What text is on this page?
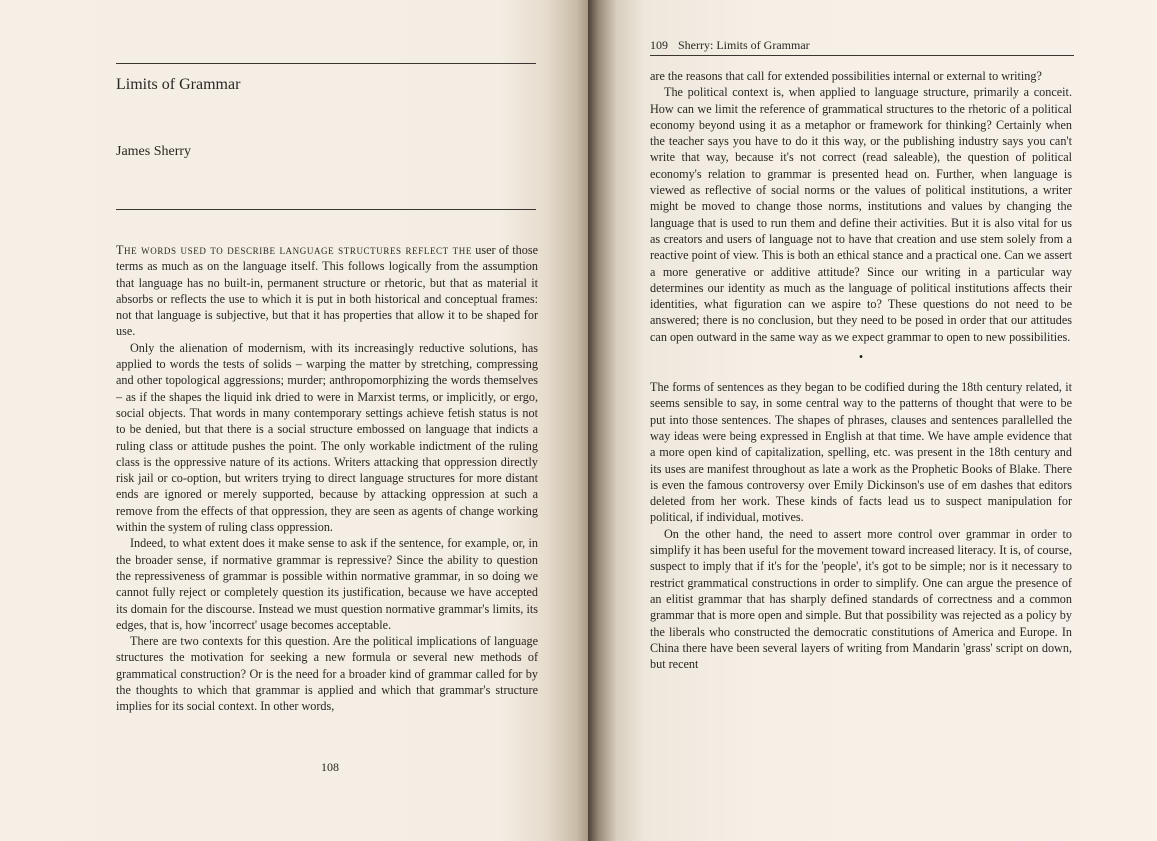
Limits of Grammar
James Sherry

The words used to describe language structures reflect the user of those terms as much as on the language itself. This follows logically from the assumption that language has no built-in, permanent structure or rhetoric, but that as material it absorbs or reflects the use to which it is put in both historical and conceptual frames: not that language is subjective, but that it has properties that allow it to be shaped for use.

Only the alienation of modernism, with its increasingly reductive solutions, has applied to words the tests of solids – warping the matter by stretching, compressing and other topological aggressions; murder; anthropomorphizing the words themselves – as if the shapes the liquid ink dried to were in Marxist terms, or implicitly, or ergo, social objects. That words in many contemporary settings achieve fetish status is not to be denied, but that there is a social structure embossed on language that indicts a ruling class or attitude pushes the point. The only workable indictment of the ruling class is the oppressive nature of its actions. Writers attacking that oppression directly risk jail or co-option, but writers trying to direct language structures for more distant ends are ignored or merely supported, because by attacking oppression at such a remove from the effects of that oppression, they are seen as agents of change working within the system of ruling class oppression.

Indeed, to what extent does it make sense to ask if the sentence, for example, or, in the broader sense, if normative grammar is repressive? Since the ability to question the repressiveness of grammar is possible within normative grammar, in so doing we cannot fully reject or completely question its justification, because we have accepted its domain for the discourse. Instead we must question normative grammar's limits, its edges, that is, how 'incorrect' usage becomes acceptable.

There are two contexts for this question. Are the political implications of language structures the motivation for seeking a new formula or several new methods of grammatical construction? Or is the need for a broader kind of grammar called for by the thoughts to which that grammar is applied and which that grammar's structure implies for its social context. In other words,

108
109 Sherry: Limits of Grammar

are the reasons that call for extended possibilities internal or external to writing?

The political context is, when applied to language structure, primarily a conceit. How can we limit the reference of grammatical structures to the rhetoric of a political economy beyond using it as a metaphor or framework for thinking? Certainly when the teacher says you have to do it this way, or the publishing industry says you can't write that way, because it's not correct (read saleable), the question of political economy's relation to grammar is presented head on. Further, when language is viewed as reflective of social norms or the values of political institutions, a writer might be moved to change those norms, institutions and values by changing the language that is used to run them and define their activities. But it is also vital for us as creators and users of language not to have that creation and use stem solely from a reactive point of view. This is both an ethical stance and a practical one. Can we assert a more generative or additive attitude? Since our writing in a particular way determines our identity as much as the language of political institutions affects their identities, what figuration can we aspire to? These questions do not need to be answered; there is no conclusion, but they need to be posed in order that our attitudes can open outward in the same way as we expect grammar to open to new possibilities.

•

The forms of sentences as they began to be codified during the 18th century related, it seems sensible to say, in some central way to the patterns of thought that were to be put into those sentences. The shapes of phrases, clauses and sentences parallelled the way ideas were being expressed in English at that time. We have ample evidence that a more open kind of capitalization, spelling, etc. was present in the 18th century and its uses are manifest throughout as late a work as the Prophetic Books of Blake. There is even the famous controversy over Emily Dickinson's use of em dashes that editors deleted from her work. These kinds of facts lead us to suspect manipulation for political, if individual, motives.

On the other hand, the need to assert more control over grammar in order to simplify it has been useful for the movement toward increased literacy. It is, of course, suspect to imply that if it's for the 'people', it's got to be simple; nor is it necessary to restrict grammatical constructions in order to simplify. One can argue the presence of an elitist grammar that has sharply defined standards of correctness and a common grammar that is more open and simple. But that possibility was rejected as a policy by the liberals who constructed the democratic constitutions of America and Europe. In China there have been several layers of writing from Mandarin 'grass' script on down, but recent
